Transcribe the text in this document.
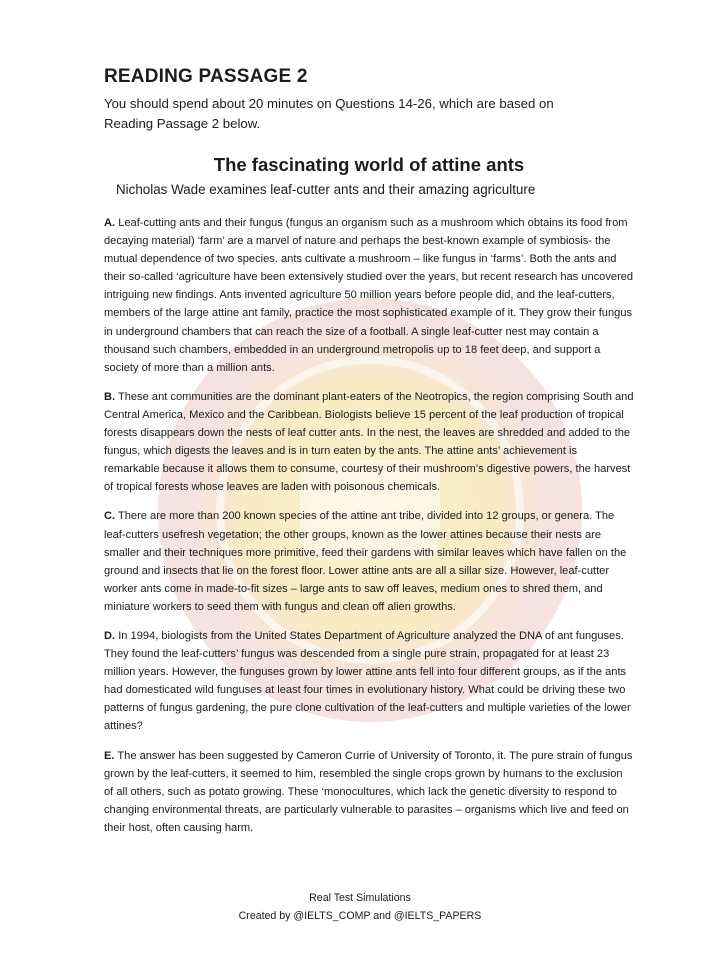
READING PASSAGE 2

You should spend about 20 minutes on Questions 14-26, which are based on
Reading Passage 2 below.

The fascinating world of attine ants
Nicholas Wade examines leaf-cutter ants and their amazing agriculture

A. Leaf-cutting ants and their fungus (fungus an organism such as a mushroom which obtains its food from decaying material) ‘farm’ are a marvel of nature and perhaps the best-known example of symbiosis- the mutual dependence of two species. ants cultivate a mushroom – like fungus in ‘farms’. Both the ants and their so-called ‘agriculture have been extensively studied over the years, but recent research has uncovered intriguing new findings. Ants invented agriculture 50 million years before people did, and the leaf-cutters, members of the large attine ant family, practice the most sophisticated example of it. They grow their fungus in underground chambers that can reach the size of a football. A single leaf-cutter nest may contain a thousand such chambers, embedded in an underground metropolis up to 18 feet deep, and support a society of more than a million ants.

B. These ant communities are the dominant plant-eaters of the Neotropics, the region comprising South and Central America, Mexico and the Caribbean. Biologists believe 15 percent of the leaf production of tropical forests disappears down the nests of leaf cutter ants. In the nest, the leaves are shredded and added to the fungus, which digests the leaves and is in turn eaten by the ants. The attine ants’ achievement is remarkable because it allows them to consume, courtesy of their mushroom’s digestive powers, the harvest of tropical forests whose leaves are laden with poisonous chemicals.

C. There are more than 200 known species of the attine ant tribe, divided into 12 groups, or genera. The leaf-cutters usefresh vegetation; the other groups, known as the lower attines because their nests are smaller and their techniques more primitive, feed their gardens with similar leaves which have fallen on the ground and insects that lie on the forest floor. Lower attine ants are all a sillar size. However, leaf-cutter worker ants come in made-to-fit sizes – large ants to saw off leaves, medium ones to shred them, and miniature workers to seed them with fungus and clean off alien growths.

D. In 1994, biologists from the United States Department of Agriculture analyzed the DNA of ant funguses. They found the leaf-cutters’ fungus was descended from a single pure strain, propagated for at least 23 million years. However, the funguses grown by lower attine ants fell into four different groups, as if the ants had domesticated wild funguses at least four times in evolutionary history. What could be driving these two patterns of fungus gardening, the pure clone cultivation of the leaf-cutters and multiple varieties of the lower attines?

E. The answer has been suggested by Cameron Currie of University of Toronto, it. The pure strain of fungus grown by the leaf-cutters, it seemed to him, resembled the single crops grown by humans to the exclusion of all others, such as potato growing. These ‘monocultures, which lack the genetic diversity to respond to changing environmental threats, are particularly vulnerable to parasites – organisms which live and feed on their host, often causing harm.

Real Test Simulations
Created by @IELTS_COMP and @IELTS_PAPERS
